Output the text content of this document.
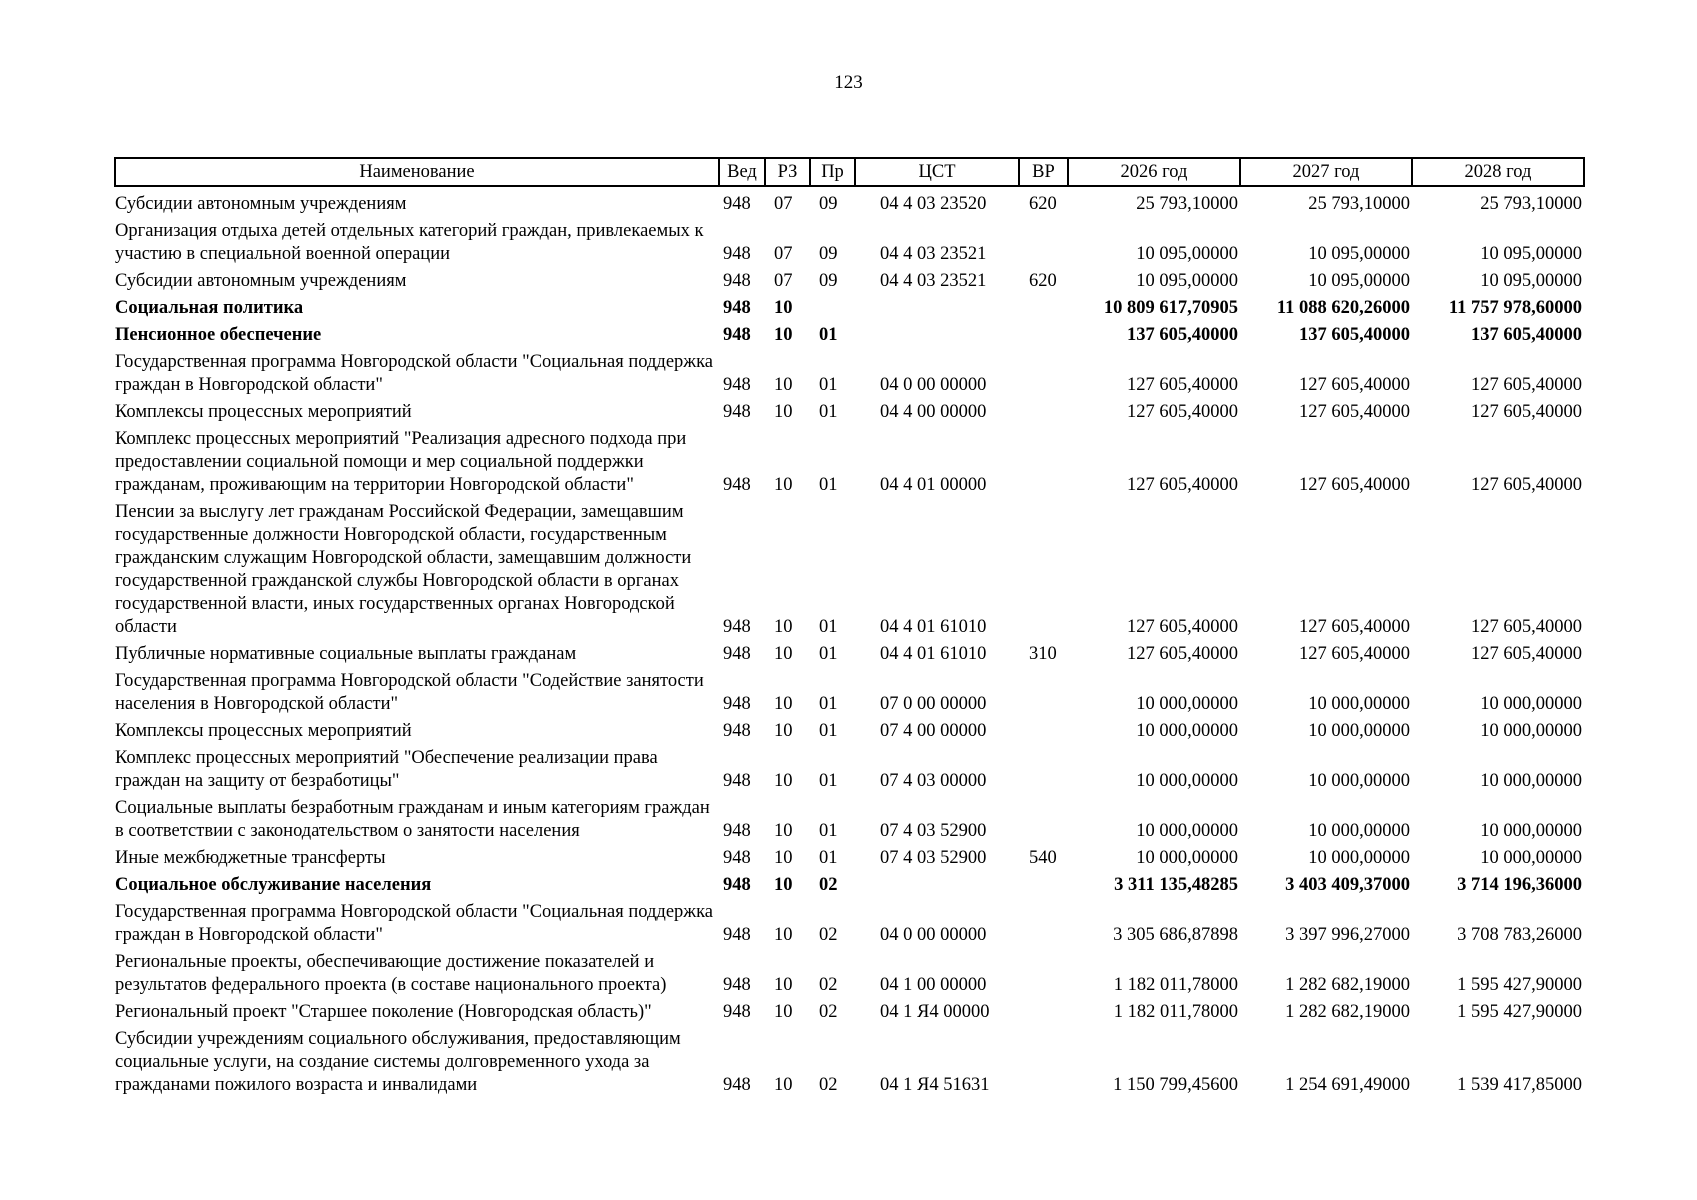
123
Наименование	Вед	РЗ	Пр	ЦСТ	ВР	2026 год	2027 год	2028 год
Субсидии автономным учреждениям	948	07	09	04 4 03 23520	620	25 793,10000	25 793,10000	25 793,10000
Организация отдыха детей отдельных категорий граждан, привлекаемых к участию в специальной военной операции	948	07	09	04 4 03 23521		10 095,00000	10 095,00000	10 095,00000
Субсидии автономным учреждениям	948	07	09	04 4 03 23521	620	10 095,00000	10 095,00000	10 095,00000
Социальная политика	948	10				10 809 617,70905	11 088 620,26000	11 757 978,60000
Пенсионное обеспечение	948	10	01			137 605,40000	137 605,40000	137 605,40000
Государственная программа Новгородской области "Социальная поддержка граждан в Новгородской области"	948	10	01	04 0 00 00000		127 605,40000	127 605,40000	127 605,40000
Комплексы процессных мероприятий	948	10	01	04 4 00 00000		127 605,40000	127 605,40000	127 605,40000
Комплекс процессных мероприятий "Реализация адресного подхода при предоставлении социальной помощи и мер социальной поддержки гражданам, проживающим на территории Новгородской области"	948	10	01	04 4 01 00000		127 605,40000	127 605,40000	127 605,40000
Пенсии за выслугу лет гражданам Российской Федерации, замещавшим государственные должности Новгородской области, государственным гражданским служащим Новгородской области, замещавшим должности государственной гражданской службы Новгородской области в органах государственной власти, иных государственных органах Новгородской области	948	10	01	04 4 01 61010		127 605,40000	127 605,40000	127 605,40000
Публичные нормативные социальные выплаты гражданам	948	10	01	04 4 01 61010	310	127 605,40000	127 605,40000	127 605,40000
Государственная программа Новгородской области "Содействие занятости населения в Новгородской области"	948	10	01	07 0 00 00000		10 000,00000	10 000,00000	10 000,00000
Комплексы процессных мероприятий	948	10	01	07 4 00 00000		10 000,00000	10 000,00000	10 000,00000
Комплекс процессных мероприятий "Обеспечение реализации права граждан на защиту от безработицы"	948	10	01	07 4 03 00000		10 000,00000	10 000,00000	10 000,00000
Социальные выплаты безработным гражданам и иным категориям граждан в соответствии с законодательством о занятости населения	948	10	01	07 4 03 52900		10 000,00000	10 000,00000	10 000,00000
Иные межбюджетные трансферты	948	10	01	07 4 03 52900	540	10 000,00000	10 000,00000	10 000,00000
Социальное обслуживание населения	948	10	02			3 311 135,48285	3 403 409,37000	3 714 196,36000
Государственная программа Новгородской области "Социальная поддержка граждан в Новгородской области"	948	10	02	04 0 00 00000		3 305 686,87898	3 397 996,27000	3 708 783,26000
Региональные проекты, обеспечивающие достижение показателей и результатов федерального проекта (в составе национального проекта)	948	10	02	04 1 00 00000		1 182 011,78000	1 282 682,19000	1 595 427,90000
Региональный проект "Старшее поколение (Новгородская область)"	948	10	02	04 1 Я4 00000		1 182 011,78000	1 282 682,19000	1 595 427,90000
Субсидии учреждениям социального обслуживания, предоставляющим социальные услуги, на создание системы долговременного ухода за гражданами пожилого возраста и инвалидами	948	10	02	04 1 Я4 51631		1 150 799,45600	1 254 691,49000	1 539 417,85000
